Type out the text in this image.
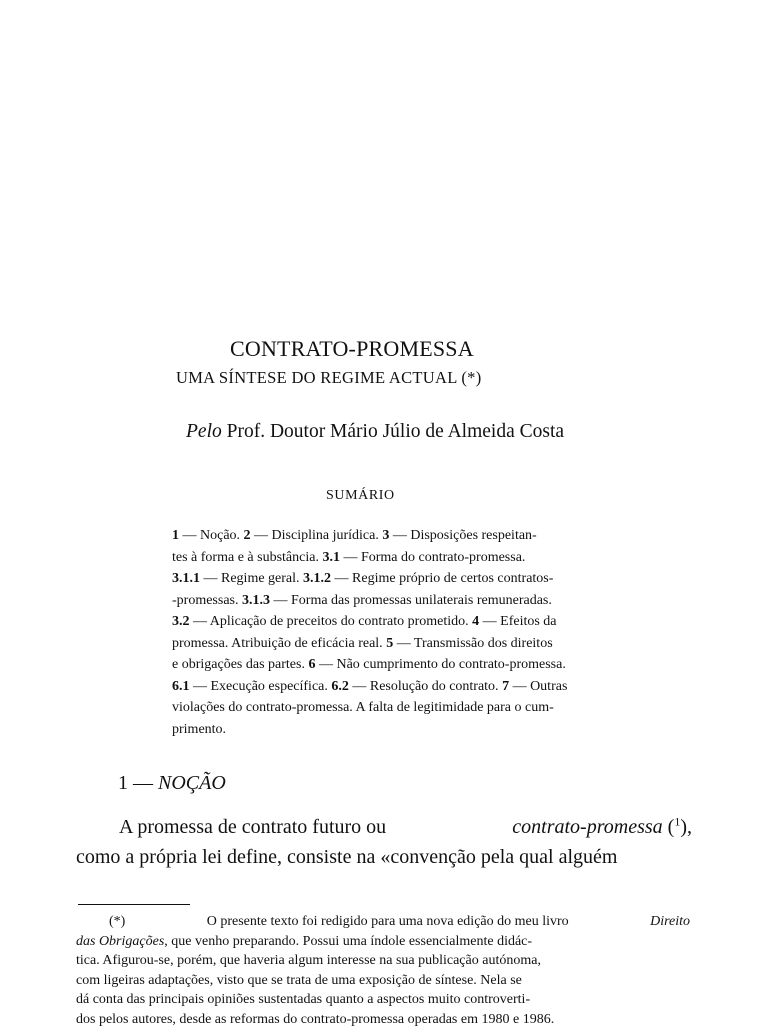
CONTRATO-PROMESSA
UMA SÍNTESE DO REGIME ACTUAL (*)
Pelo Prof. Doutor Mário Júlio de Almeida Costa
SUMÁRIO
1 — Noção. 2 — Disciplina jurídica. 3 — Disposições respeitan-
tes à forma e à substância. 3.1 — Forma do contrato-promessa.
3.1.1 — Regime geral. 3.1.2 — Regime próprio de certos contratos-
-promessas. 3.1.3 — Forma das promessas unilaterais remuneradas.
3.2 — Aplicação de preceitos do contrato prometido. 4 — Efeitos da
promessa. Atribuição de eficácia real. 5 — Transmissão dos direitos
e obrigações das partes. 6 — Não cumprimento do contrato-promessa.
6.1 — Execução específica. 6.2 — Resolução do contrato. 7 — Outras
violações do contrato-promessa. A falta de legitimidade para o cum-
primento.
1 — NOÇÃO
A promessa de contrato futuro ou	contrato-promessa ($^1$),
como a própria lei define, consiste na «convenção pela qual alguém
(*)	O presente texto foi redigido para uma nova edição do meu livro	Direito
das Obrigações , que venho preparando. Possui uma índole essencialmente didác-
tica. Afigurou-se, porém, que haveria algum interesse na sua publicação autónoma,
com ligeiras adaptações, visto que se trata de uma exposição de síntese. Nela se
dá conta das principais opiniões sustentadas quanto a aspectos muito controverti-
dos pelos autores, desde as reformas do contrato-promessa operadas em 1980 e 1986.
